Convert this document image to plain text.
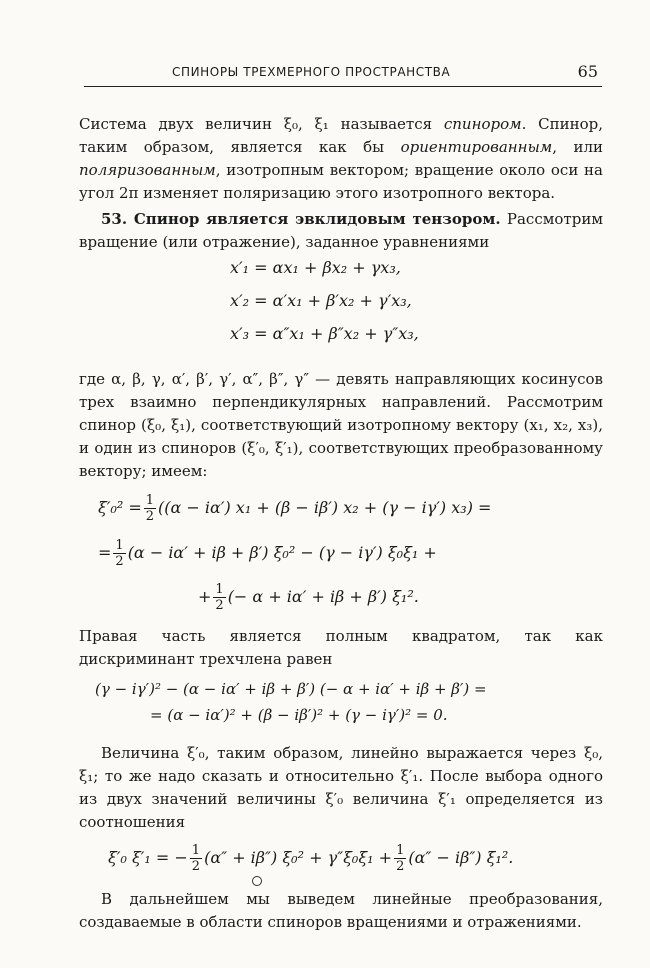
СПИНОРЫ ТРЕХМЕРНОГО ПРОСТРАНСТВА	65

Система двух величин ξ₀, ξ₁ называется спинором. Спинор, таким образом, является как бы ориентированным, или поляризованным, изотропным вектором; вращение около оси на угол 2π изменяет поляризацию этого изотропного вектора.

53. Спинор является эвклидовым тензором. Рассмотрим вращение (или отражение), заданное уравнениями

x′₁ = αx₁ + βx₂ + γx₃,
x′₂ = α′x₁ + β′x₂ + γ′x₃,
x′₃ = α″x₁ + β″x₂ + γ″x₃,

где α, β, γ, α′, β′, γ′, α″, β″, γ″ — девять направляющих косинусов трех взаимно перпендикулярных направлений. Рассмотрим спинор (ξ₀, ξ₁), соответствующий изотропному вектору (x₁, x₂, x₃), и один из спиноров (ξ′₀, ξ′₁), соответствующих преобразованному вектору; имеем:

$\xi'_0^2 = \frac{1}{2} ((\alpha - i\alpha') x_1 + (\beta - i\beta') x_2 + (\gamma - i\gamma') x_3)$ =
= $\frac{1}{2} (\alpha - i\alpha' + i\beta + \beta') \xi_0^2 - (\gamma - i\gamma') \xi_0\xi_1$ +
+ $\frac{1}{2}$ (− α + iα′ + iβ + β′) ξ₁².

Правая часть является полным квадратом, так как дискриминант трехчлена равен

(γ − iγ′)² − (α − iα′ + iβ + β′) (− α + iα′ + iβ + β′) =
= (α − iα′)² + (β − iβ′)² + (γ − iγ′)² = 0.

Величина ξ′₀, таким образом, линейно выражается через ξ₀, ξ₁; то же надо сказать и относительно ξ′₁. После выбора одного из двух значений величины ξ′₀ величина ξ′₁ определяется из соотношения

ξ′₀ ξ′₁ = − $\frac{1}{2} (\alpha'' + i\beta'') \xi_0^2 + \gamma''\xi_0\xi_1 + \frac{1}{2} (\alpha'' - i\beta'')$ ξ₁².

В дальнейшем мы выведем линейные преобразования, создаваемые в области спиноров вращениями и отражениями.
